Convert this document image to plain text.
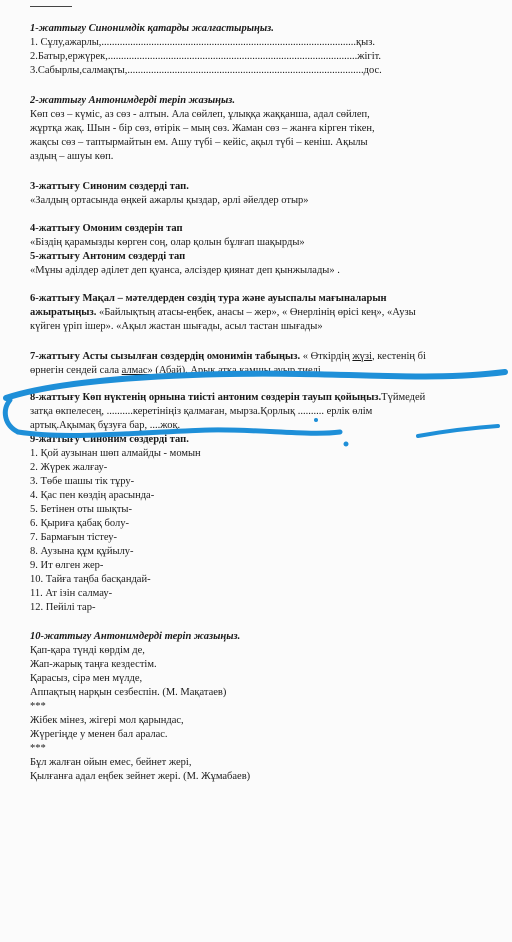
1-жаттығу Синонимдік қатарды жалғастырыңыз.
1. Сұлу,ажарлы,.................................................................................................қыз.
2.Батыр,ержүрек,...............................................................................................жігіт.
3.Сабырлы,салмақты,..........................................................................................дос.
2-жаттығу Антонимдерді теріп жазыңыз.
Көп сөз – күміс, аз сөз - алтын. Ала сөйлеп, ұлыққа жаққанша, адал сөйлеп,
жұртқа жақ. Шын - бір сөз, өтірік – мың сөз. Жаман сөз – жанға кірген тікен,
жақсы сөз – таптырмайтын ем. Ашу түбі – кейіс, ақыл түбі – кеніш. Ақылы
аздың – ашуы көп.
3-жаттығу Синоним сөздерді тап.
«Залдың ортасында өңкей ажарлы қыздар, әрлі әйелдер отыр»
4-жаттығу Омоним сөздерін тап
«Біздің қарамызды көрген соң, олар қолын бұлғап шақырды»
5-жаттығу Антоним сөздерді тап
«Мұны әділдер әділет деп қуанса, әлсіздер қиянат деп қынжылады» .
6-жаттығу Мақал – мәтелдерден сөздің тура және ауыспалы мағыналарын
ажыратыңыз. «Байлықтың атасы-еңбек, анасы – жер», « Өнерлінің өрісі кең», «Аузы
күйген үріп ішер». «Ақыл жастан шығады, асыл тастан шығады»
7-жаттығу Асты сызылған сөздердің омонимін табыңыз. « Өткірдің жүзі, кестенің бі
өрнегін сендей сала алмас» (Абай). Арық атқа қамшы ауыр тиеді.
8-жаттығу Көп нүктенің орнына тиісті антоним сөздерін тауып қойыңыз.Түймедей
затқа өкпелесең, ..........керетінің​із қалмаған, мырза.Қорлық .......... ерлік өлім
артық.Ақымақ бұзуға бар, ....жоқ.
9-жаттығу Синоним сөздерді тап.
1. Қой аузынан шөп алмайды - момын
2. Жүрек жалғау-
3. Төбе шашы тік тұру-
4. Қас пен көздің арасында-
5. Бетінен оты шықты-
6. Қыриға қабақ болу-
7. Бармағын тістеу-
8. Аузына құм құйылу-
9. Ит өлген жер-
10. Тайға таңба басқандай-
11. Ат ізін салмау-
12. Пейілі тар-
10-жаттығу Антонимдерді теріп жазыңыз.
Қап-қара түнді көрдім де,
Жап-жарық таңға кездестім.
Қарасыз, сірә мен мүлде,
Аппақтың нарқын сезбеспін. (М. Мақатаев)
***
Жібек мінез, жігері мол қарындас,
Жүрегіңде у менен бал аралас.
***
Бұл жалған ойын емес, бейнет жері,
Қылғанға адал еңбек зейнет жері. (М. Жұмабаев)
